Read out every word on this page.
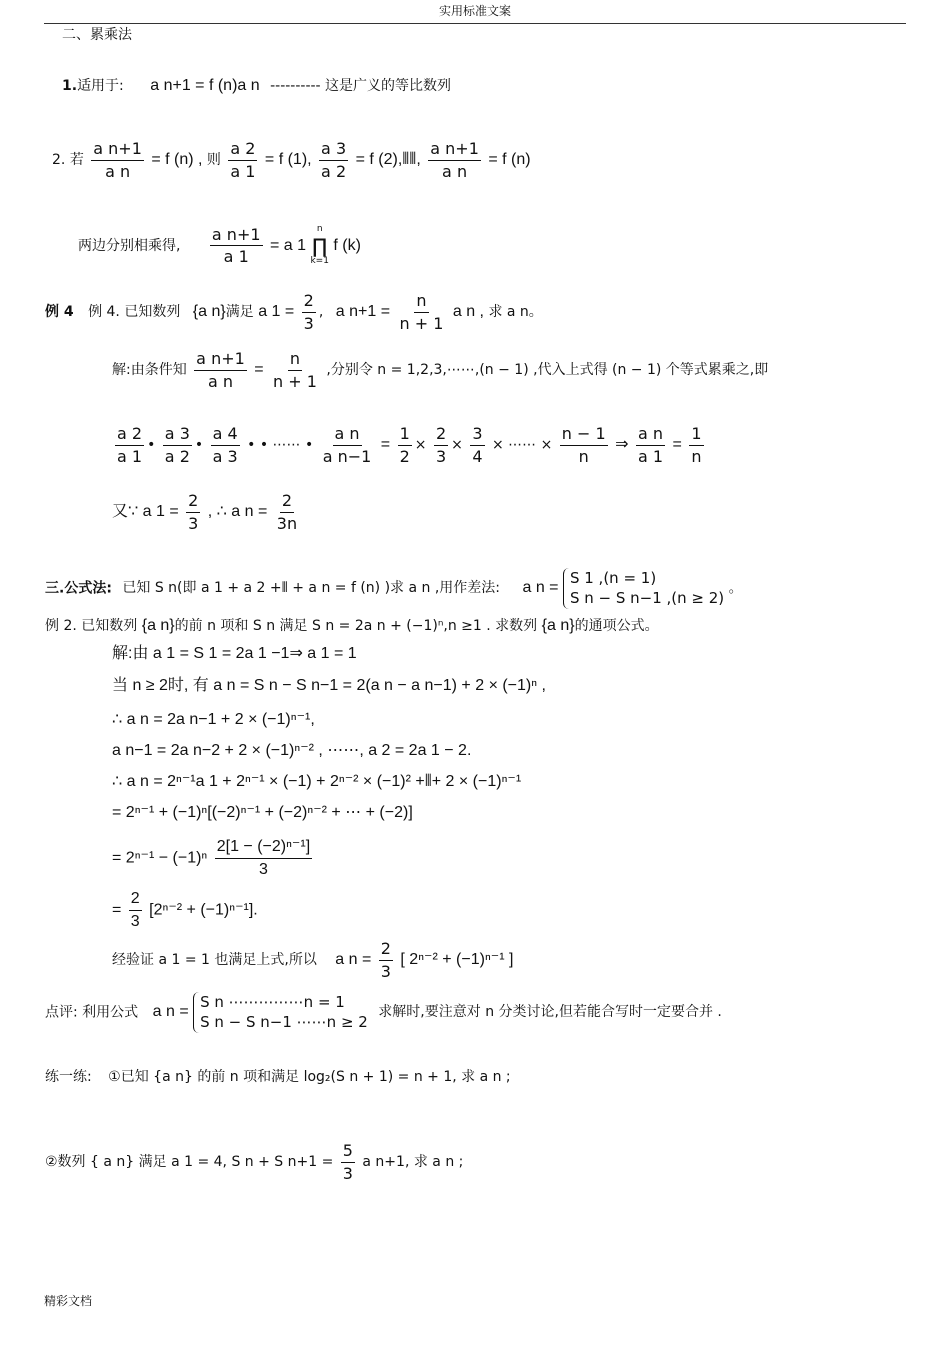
实用标准文案
二、累乘法
1.适用于: a n+1 = f (n)a n ---------- 这是广义的等比数列
2. 若 $\frac{\text{a n+1}}{\text{a n}} = f$ (n) , 则 $\frac{a 2}{a 1} = f$ (1), $\frac{a 3}{a 2} = f$ (2),⦀⦀, $\frac{\text{a n+1}}{\text{a n}} = f$ (n)
两边分别相乘得, $\frac{\text{a n+1}}{a 1} = a$ 1
n
∏
k=1
f (k)
例 4 例 4. 已知数列 {a n}满足 a $1 = \frac{2}{3}$ , a $n+1 = \frac{n}{n + 1}$ a n , 求 a n。
解:由条件知 $\frac{\text{a n+1}}{\text{a n}} = \frac{n}{n + 1}$ ,分别令 n = 1,2,3,⋯⋯,(n − 1) ,代入上式得 (n − 1) 个等式累乘之,即
$\frac{a 2}{a 1}$ • $\frac{a 3}{a 2}$ • $\frac{a 4}{a 3}$ • • ⋯⋯ • $\frac{\text{a n}}{\text{a n−1}} = \frac{1}{2} \times \frac{2}{3} \times \frac{3}{4}$ × ⋯⋯ × $\frac{n - 1}{n}$ ⇒ $\frac{\text{a n}}{a 1} = \frac{1}{n}$
又∵ a $1 = \frac{2}{3}$ , ∴ a $n = \frac{2}{3n}$
三.公式法: 已知 S n(即 a 1 + a 2 +⦀ + a n = f (n) )求 a n ,用作差法: a n =
S 1 ,(n = 1)
S n − S n−1 ,(n ≥ 2)
。
例 2. 已知数列 {a n}的前 n 项和 S n 满足 S n = 2a n + (−1)ⁿ,n ≥1 . 求数列 {a n}的通项公式。
解:由 a 1 = S 1 = 2a 1 −1⇒ a 1 = 1
当 n ≥ 2时, 有 a n = S n − S n−1 = 2(a n − a n−1) + 2 × (−1)ⁿ ,
∴ a n = 2a n−1 + 2 × (−1)ⁿ⁻¹,
a n−1 = 2a n−2 + 2 × (−1)ⁿ⁻² , ⋯⋯, a 2 = 2a 1 − 2.
∴ a n = 2ⁿ⁻¹a 1 + 2ⁿ⁻¹ × (−1) + 2ⁿ⁻² × (−1)² +⦀+ 2 × (−1)ⁿ⁻¹
= 2ⁿ⁻¹ + (−1)ⁿ[(−2)ⁿ⁻¹ + (−2)ⁿ⁻² + ⋯ + (−2)]
= $2^{n-1} - (-1)^n \frac{\text{2[1 − (−2)ⁿ⁻¹]}}{3}$
= $\frac{2}{3} [2^{n-2} + (-1)^{n-1}]$.
经验证 a 1 = 1 也满足上式,所以 a $n = \frac{2}{3}$ [ 2ⁿ⁻² + (−1)ⁿ⁻¹ ]
点评: 利用公式 a n =
S n ⋯⋯⋯⋯⋯n = 1
S n − S n−1 ⋯⋯n ≥ 2
求解时,要注意对 n 分类讨论,但若能合写时一定要合并 .
练一练: ①已知 {a n} 的前 n 项和满足 log₂(S n + 1) = n + 1, 求 a n ;
②数列 { a n} 满足 a 1 = 4, S n + S $n+1 = \frac{5}{3}$ a n+1, 求 a n ;
精彩文档
